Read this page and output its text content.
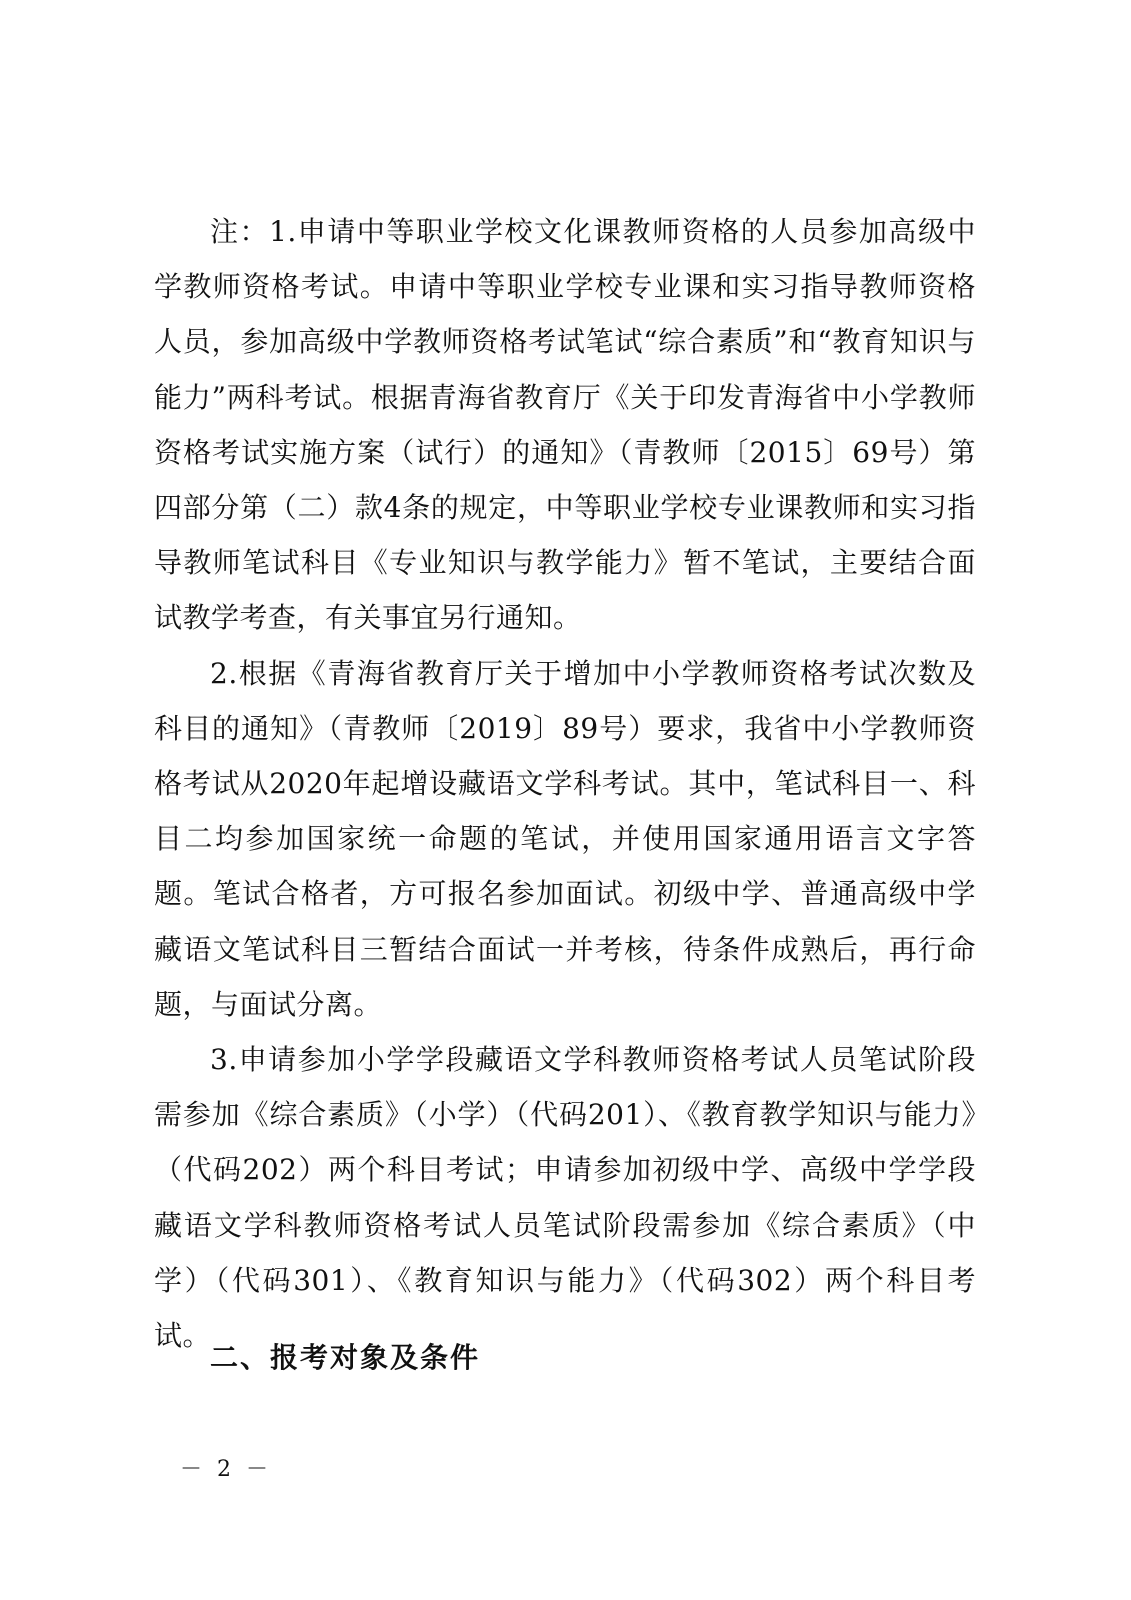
注：1.申请中等职业学校文化课教师资格的人员参加高级中学教师资格考试。申请中等职业学校专业课和实习指导教师资格人员，参加高级中学教师资格考试笔试“综合素质”和“教育知识与能力”两科考试。根据青海省教育厅《关于印发青海省中小学教师资格考试实施方案（试行）的通知》（青教师〔2015〕69号）第四部分第（二）款4条的规定，中等职业学校专业课教师和实习指导教师笔试科目《专业知识与教学能力》暂不笔试，主要结合面试教学考查，有关事宜另行通知。

2.根据《青海省教育厅关于增加中小学教师资格考试次数及科目的通知》（青教师〔2019〕89号）要求，我省中小学教师资格考试从2020年起增设藏语文学科考试。其中，笔试科目一、科目二均参加国家统一命题的笔试，并使用国家通用语言文字答题。笔试合格者，方可报名参加面试。初级中学、普通高级中学藏语文笔试科目三暂结合面试一并考核，待条件成熟后，再行命题，与面试分离。

3.申请参加小学学段藏语文学科教师资格考试人员笔试阶段需参加《综合素质》（小学）（代码201）、《教育教学知识与能力》（代码202）两个科目考试；申请参加初级中学、高级中学学段藏语文学科教师资格考试人员笔试阶段需参加《综合素质》（中学）（代码301）、《教育知识与能力》（代码302）两个科目考试。

二、报考对象及条件
－ 2 －
